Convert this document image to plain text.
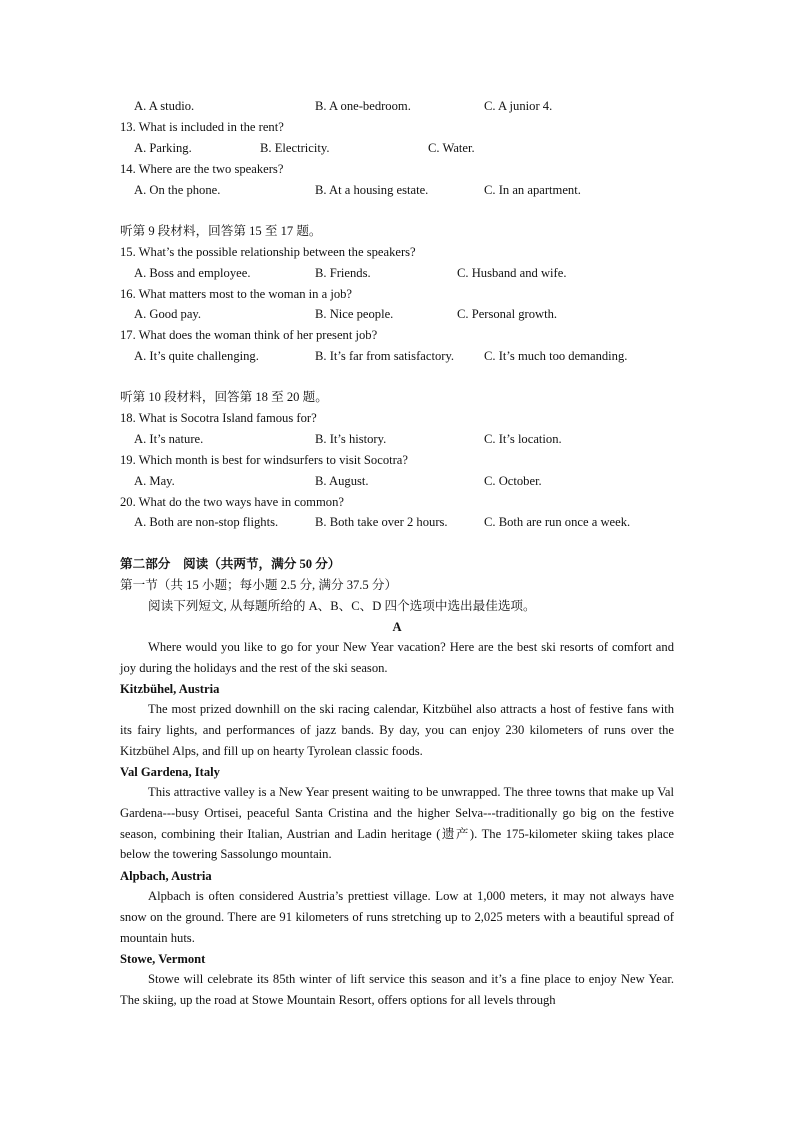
A. A studio.	B. A one-bedroom.	C. A junior 4.
13. What is included in the rent?
A. Parking.	B. Electricity.	C. Water.
14. Where are the two speakers?
A. On the phone.	B. At a housing estate.	C. In an apartment.
听第 9 段材料，回答第 15 至 17 题。
15. What’s the possible relationship between the speakers?
A. Boss and employee.	B. Friends.	C. Husband and wife.
16. What matters most to the woman in a job?
A. Good pay.	B. Nice people.	C. Personal growth.
17. What does the woman think of her present job?
A. It’s quite challenging.	B. It’s far from satisfactory. C. It’s much too demanding.
听第 10 段材料，回答第 18 至 20 题。
18. What is Socotra Island famous for?
A. It’s nature.	B. It’s history.	C. It’s location.
19. Which month is best for windsurfers to visit Socotra?
A. May.	B. August.	C. October.
20. What do the two ways have in common?
A. Both are non-stop flights.	B. Both take over 2 hours.	C. Both are run once a week.
第二部分　阅读（共两节，满分 50 分）
第一节（共 15 小题；每小题 2.5 分, 满分 37.5 分）
阅读下列短文, 从每题所给的 A、B、C、D 四个选项中选出最佳选项。
A
Where would you like to go for your New Year vacation? Here are the best ski resorts of comfort and joy during the holidays and the rest of the ski season.
Kitzbühel, Austria
The most prized downhill on the ski racing calendar, Kitzbühel also attracts a host of festive fans with its fairy lights, and performances of jazz bands. By day, you can enjoy 230 kilometers of runs over the Kitzbühel Alps, and fill up on hearty Tyrolean classic foods.
Val Gardena, Italy
This attractive valley is a New Year present waiting to be unwrapped. The three towns that make up Val Gardena---busy Ortisei, peaceful Santa Cristina and the higher Selva---traditionally go big on the festive season, combining their Italian, Austrian and Ladin heritage (遗产). The 175-kilometer skiing takes place below the towering Sassolungo mountain.
Alpbach, Austria
Alpbach is often considered Austria’s prettiest village. Low at 1,000 meters, it may not always have snow on the ground. There are 91 kilometers of runs stretching up to 2,025 meters with a beautiful spread of mountain huts.
Stowe, Vermont
Stowe will celebrate its 85th winter of lift service this season and it’s a fine place to enjoy New Year. The skiing, up the road at Stowe Mountain Resort, offers options for all levels through
